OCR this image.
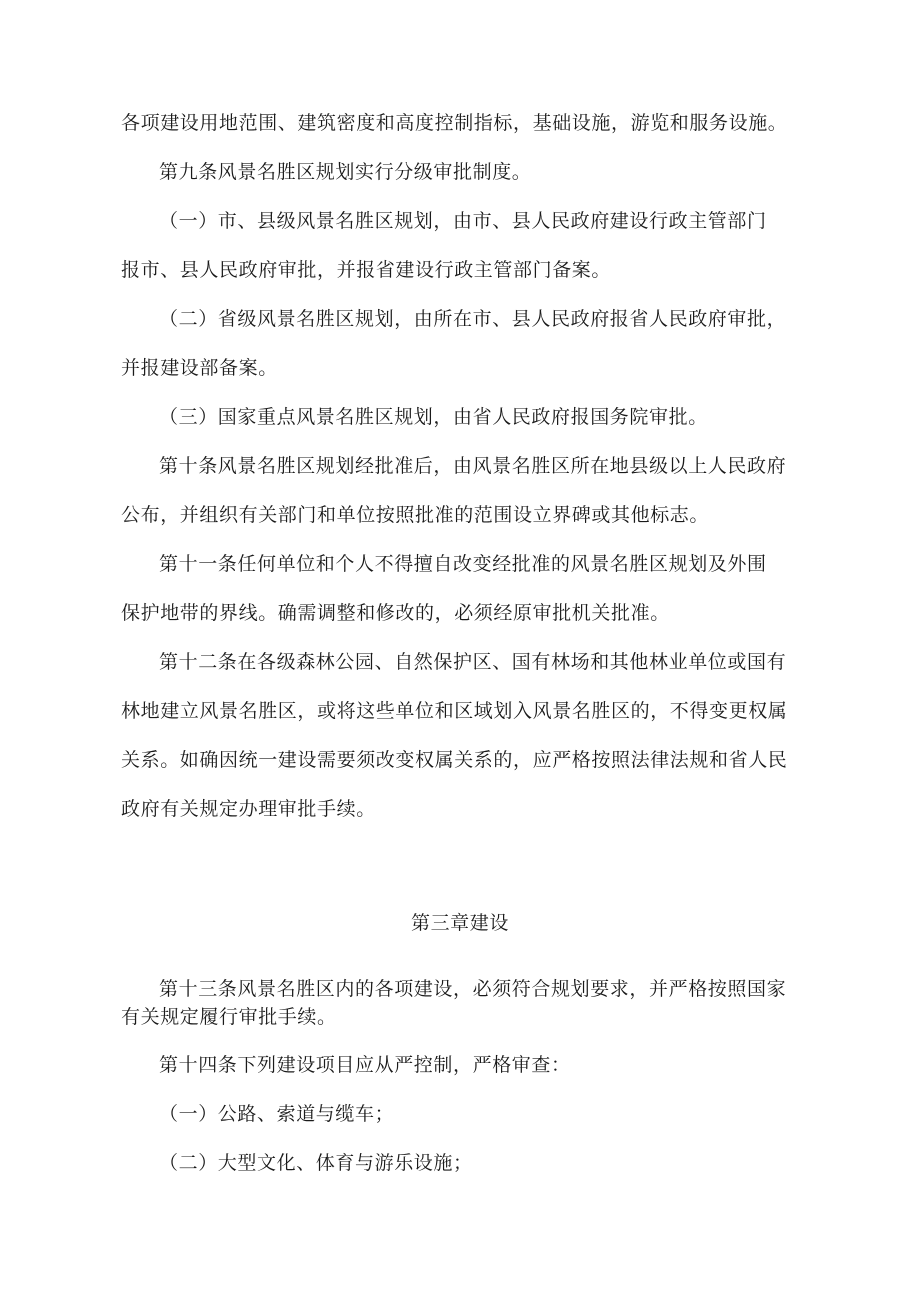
各项建设用地范围、建筑密度和高度控制指标，基础设施，游览和服务设施。
第九条风景名胜区规划实行分级审批制度。
（一）市、县级风景名胜区规划，由市、县人民政府建设行政主管部门
报市、县人民政府审批，并报省建设行政主管部门备案。
（二）省级风景名胜区规划，由所在市、县人民政府报省人民政府审批，
并报建设部备案。
（三）国家重点风景名胜区规划，由省人民政府报国务院审批。
第十条风景名胜区规划经批准后，由风景名胜区所在地县级以上人民政府
公布，并组织有关部门和单位按照批准的范围设立界碑或其他标志。
第十一条任何单位和个人不得擅自改变经批准的风景名胜区规划及外围
保护地带的界线。确需调整和修改的，必须经原审批机关批准。
第十二条在各级森林公园、自然保护区、国有林场和其他林业单位或国有
林地建立风景名胜区，或将这些单位和区域划入风景名胜区的，不得变更权属
关系。如确因统一建设需要须改变权属关系的，应严格按照法律法规和省人民
政府有关规定办理审批手续。
第三章建设
第十三条风景名胜区内的各项建设，必须符合规划要求，并严格按照国家
有关规定履行审批手续。
第十四条下列建设项目应从严控制，严格审查：
（一）公路、索道与缆车；
（二）大型文化、体育与游乐设施；
